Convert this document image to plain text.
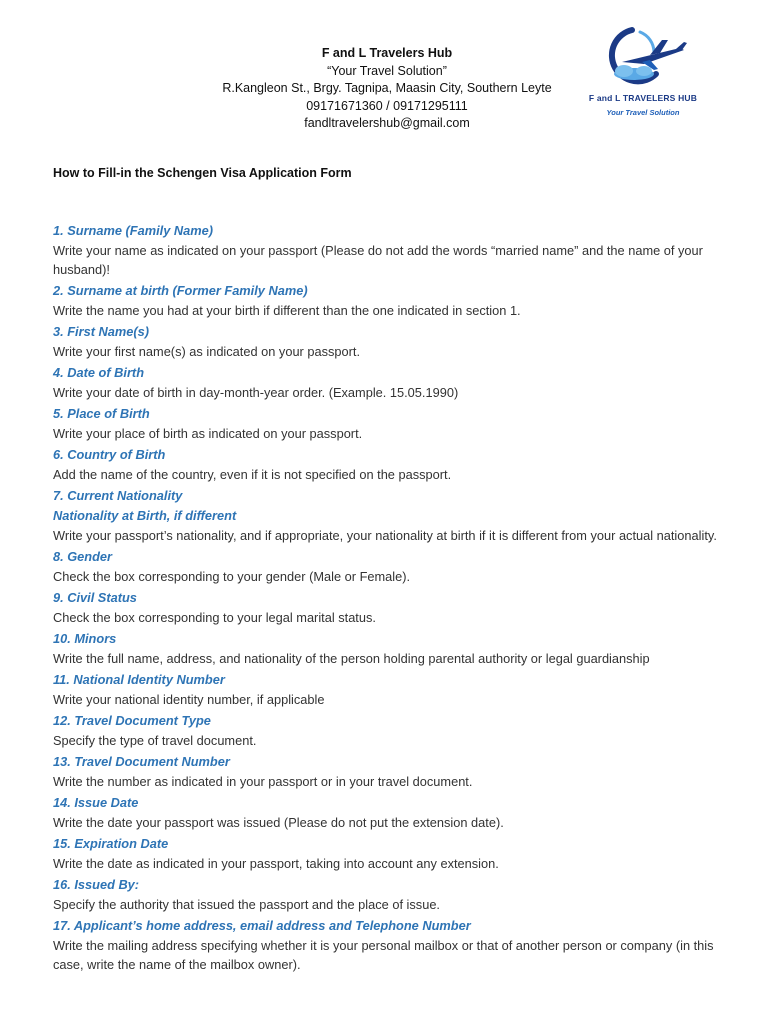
F and L Travelers Hub
“Your Travel Solution”
R.Kangleon St., Brgy. Tagnipa, Maasin City, Southern Leyte
09171671360 / 09171295111
fandltravelershub@gmail.com
F and L TRAVELERS HUB
Your Travel Solution
How to Fill-in the Schengen Visa Application Form

1. Surname (Family Name)

Write your name as indicated on your passport (Please do not add the words “married name” and the name of your husband)!

2. Surname at birth (Former Family Name)

Write the name you had at your birth if different than the one indicated in section 1.

3. First Name(s)

Write your first name(s) as indicated on your passport.

4. Date of Birth

Write your date of birth in day-month-year order. (Example. 15.05.1990)

5. Place of Birth

Write your place of birth as indicated on your passport.

6. Country of Birth

Add the name of the country, even if it is not specified on the passport.

7. Current Nationality

Nationality at Birth, if different

Write your passport’s nationality, and if appropriate, your nationality at birth if it is different from your actual nationality.

8. Gender

Check the box corresponding to your gender (Male or Female).

9. Civil Status

Check the box corresponding to your legal marital status.

10. Minors

Write the full name, address, and nationality of the person holding parental authority or legal guardianship

11. National Identity Number

Write your national identity number, if applicable

12. Travel Document Type

Specify the type of travel document.

13. Travel Document Number

Write the number as indicated in your passport or in your travel document.

14. Issue Date

Write the date your passport was issued (Please do not put the extension date).

15. Expiration Date

Write the date as indicated in your passport, taking into account any extension.

16. Issued By:

Specify the authority that issued the passport and the place of issue.

17. Applicant’s home address, email address and Telephone Number

Write the mailing address specifying whether it is your personal mailbox or that of another person or company (in this case, write the name of the mailbox owner).
